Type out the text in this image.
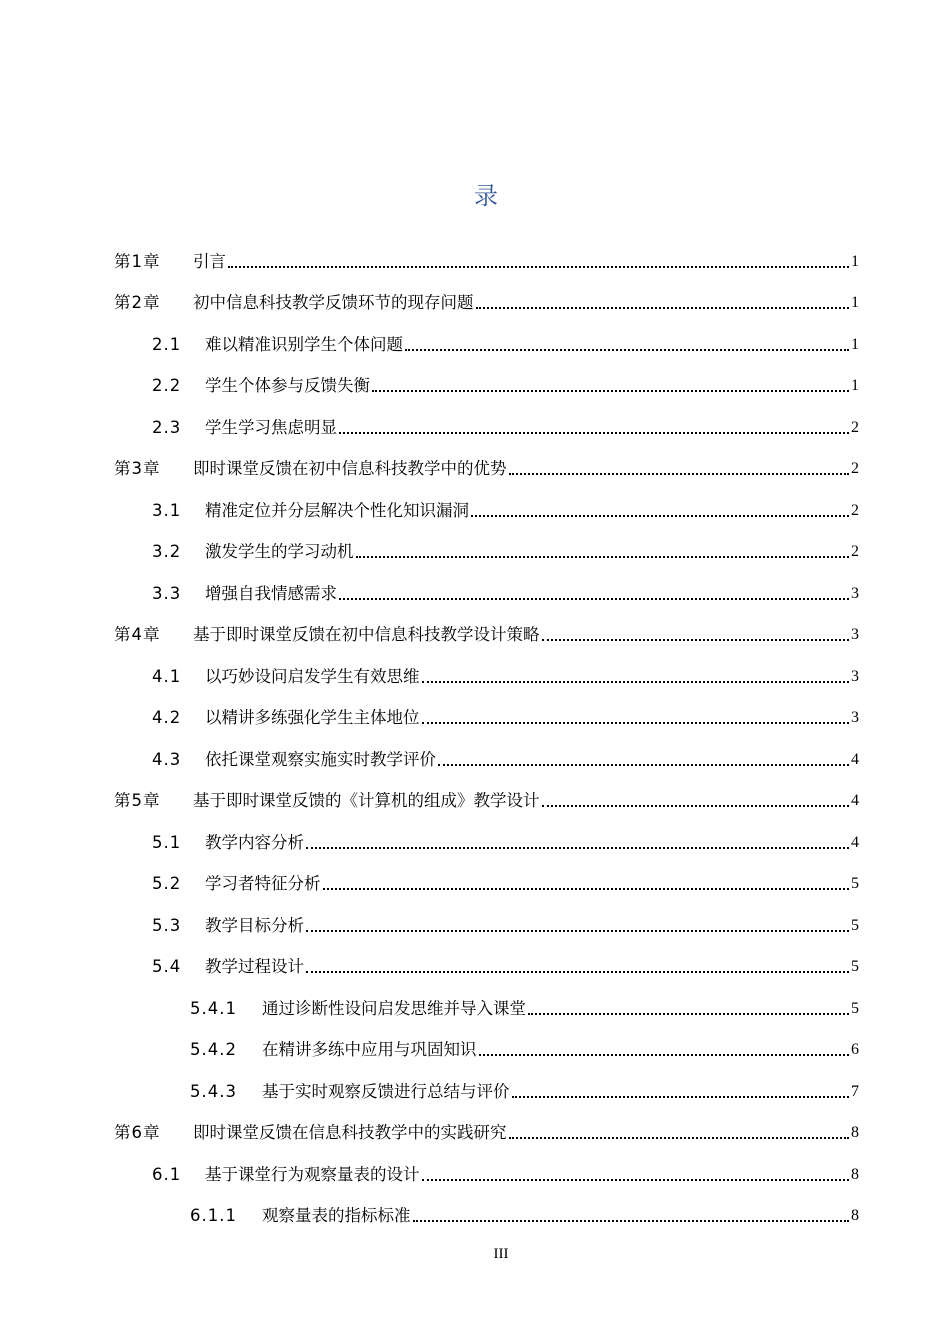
录
第1章	引言	1
第2章	初中信息科技教学反馈环节的现存问题	1
2.1	难以精准识别学生个体问题	1
2.2	学生个体参与反馈失衡	1
2.3	学生学习焦虑明显	2
第3章	即时课堂反馈在初中信息科技教学中的优势	2
3.1	精准定位并分层解决个性化知识漏洞	2
3.2	激发学生的学习动机	2
3.3	增强自我情感需求	3
第4章	基于即时课堂反馈在初中信息科技教学设计策略	3
4.1	以巧妙设问启发学生有效思维	3
4.2	以精讲多练强化学生主体地位	3
4.3	依托课堂观察实施实时教学评价	4
第5章	基于即时课堂反馈的《计算机的组成》教学设计	4
5.1	教学内容分析	4
5.2	学习者特征分析	5
5.3	教学目标分析	5
5.4	教学过程设计	5
5.4.1	通过诊断性设问启发思维并导入课堂	5
5.4.2	在精讲多练中应用与巩固知识	6
5.4.3	基于实时观察反馈进行总结与评价	7
第6章	即时课堂反馈在信息科技教学中的实践研究	8
6.1	基于课堂行为观察量表的设计	8
6.1.1	观察量表的指标标准	8
III
